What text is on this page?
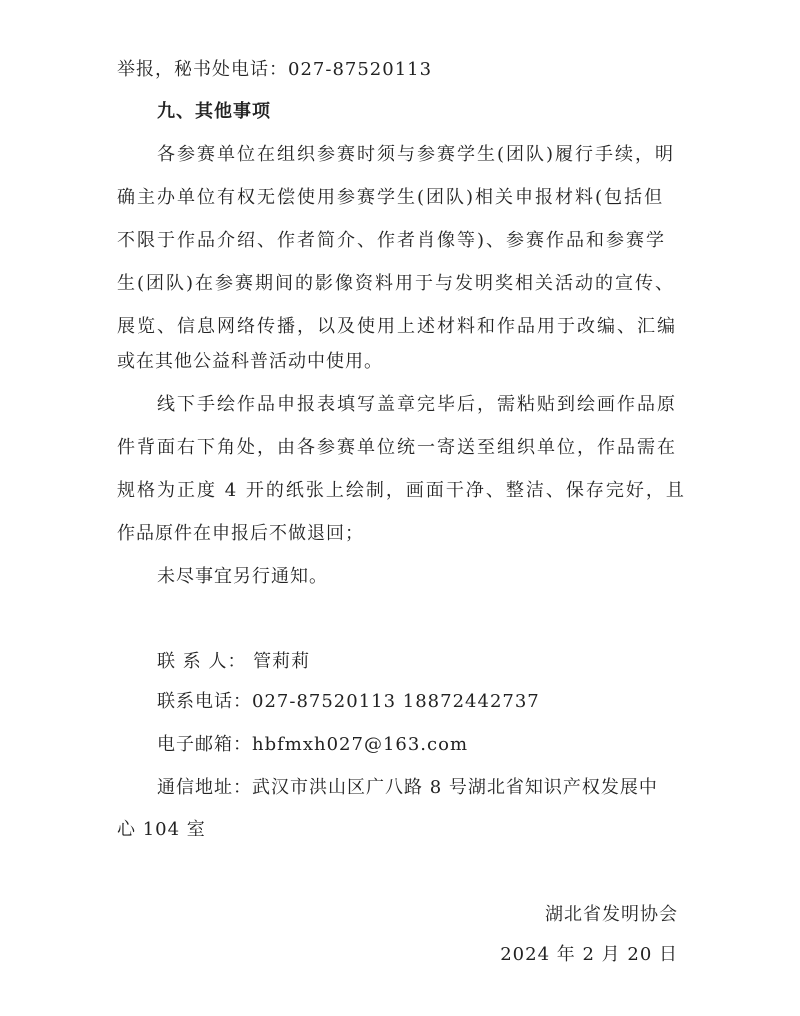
举报，秘书处电话：027-87520113
九、其他事项
各参赛单位在组织参赛时须与参赛学生(团队)履行手续，明
确主办单位有权无偿使用参赛学生(团队)相关申报材料(包括但
不限于作品介绍、作者简介、作者肖像等)、参赛作品和参赛学
生(团队)在参赛期间的影像资料用于与发明奖相关活动的宣传、
展览、信息网络传播，以及使用上述材料和作品用于改编、汇编
或在其他公益科普活动中使用。
线下手绘作品申报表填写盖章完毕后，需粘贴到绘画作品原
件背面右下角处，由各参赛单位统一寄送至组织单位，作品需在
规格为正度 4 开的纸张上绘制，画面干净、整洁、保存完好，且
作品原件在申报后不做退回；
未尽事宜另行通知。
联 系 人： 管莉莉
联系电话：027-87520113 18872442737
电子邮箱：hbfmxh027@163.com
通信地址：武汉市洪山区广八路 8 号湖北省知识产权发展中
心 104 室
湖北省发明协会
2024 年 2 月 20 日
